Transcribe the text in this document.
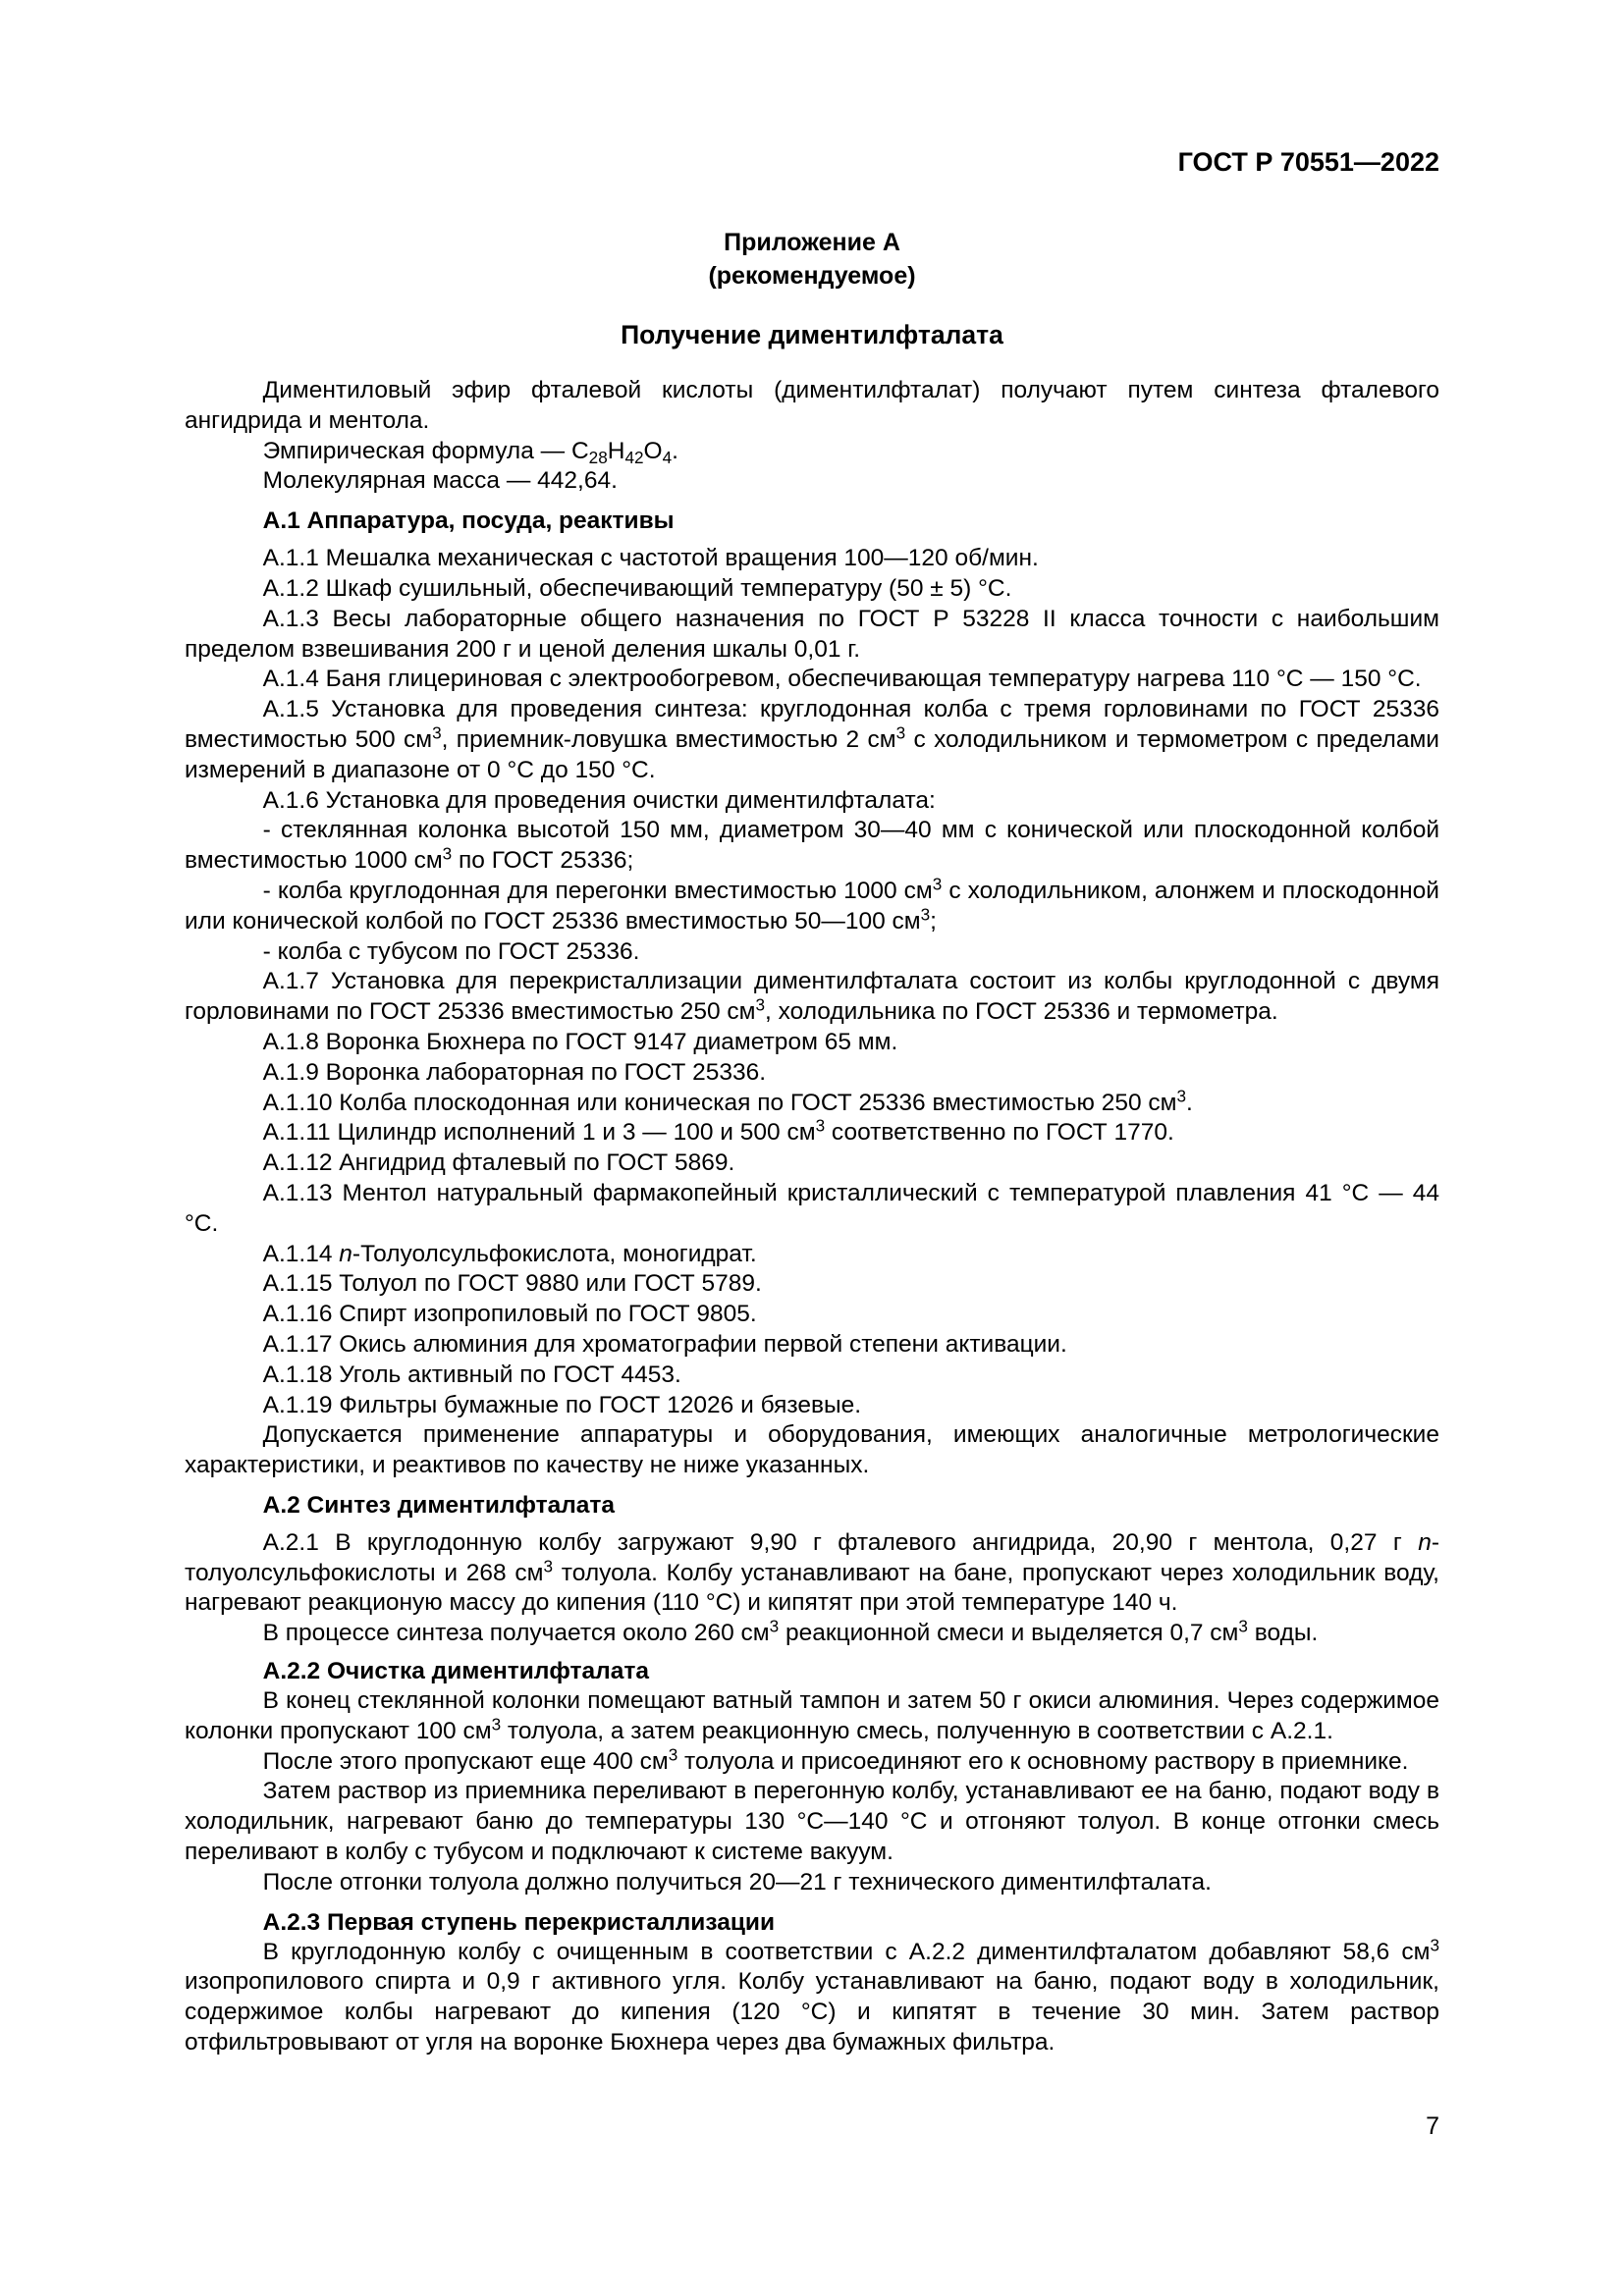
ГОСТ Р 70551—2022
Приложение А
(рекомендуемое)
Получение диментилфталата

Диментиловый эфир фталевой кислоты (диментилфталат) получают путем синтеза фталевого ангидрида и ментола.

Эмпирическая формула — $C_{28}H_{42}O_4$.

Молекулярная масса — 442,64.

А.1 Аппаратура, посуда, реактивы

А.1.1 Мешалка механическая с частотой вращения 100—120 об/мин.

А.1.2 Шкаф сушильный, обеспечивающий температуру (50 ± 5) °С.

А.1.3 Весы лабораторные общего назначения по ГОСТ Р 53228 II класса точности с наибольшим пределом взвешивания 200 г и ценой деления шкалы 0,01 г.

А.1.4 Баня глицериновая с электрообогревом, обеспечивающая температуру нагрева 110 °С — 150 °С.

А.1.5 Установка для проведения синтеза: круглодонная колба с тремя горловинами по ГОСТ 25336 вместимостью 500 $см^3$, приемник-ловушка вместимостью 2 $см^3$ с холодильником и термометром с пределами измерений в диапазоне от 0 °С до 150 °С.

А.1.6 Установка для проведения очистки диментилфталата:

- стеклянная колонка высотой 150 мм, диаметром 30—40 мм с конической или плоскодонной колбой вместимостью 1000 $см^3$ по ГОСТ 25336;

- колба круглодонная для перегонки вместимостью 1000 $см^3$ с холодильником, алонжем и плоскодонной или конической колбой по ГОСТ 25336 вместимостью 50—100 $см^3$;

- колба с тубусом по ГОСТ 25336.

А.1.7 Установка для перекристаллизации диментилфталата состоит из колбы круглодонной с двумя горловинами по ГОСТ 25336 вместимостью 250 $см^3$, холодильника по ГОСТ 25336 и термометра.

А.1.8 Воронка Бюхнера по ГОСТ 9147 диаметром 65 мм.

А.1.9 Воронка лабораторная по ГОСТ 25336.

А.1.10 Колба плоскодонная или коническая по ГОСТ 25336 вместимостью 250 $см^3$.

А.1.11 Цилиндр исполнений 1 и 3 — 100 и 500 $см^3$ соответственно по ГОСТ 1770.

А.1.12 Ангидрид фталевый по ГОСТ 5869.

А.1.13 Ментол натуральный фармакопейный кристаллический с температурой плавления 41 °С — 44 °С.

А.1.14 n-Толуолсульфокислота, моногидрат.

А.1.15 Толуол по ГОСТ 9880 или ГОСТ 5789.

А.1.16 Спирт изопропиловый по ГОСТ 9805.

А.1.17 Окись алюминия для хроматографии первой степени активации.

А.1.18 Уголь активный по ГОСТ 4453.

А.1.19 Фильтры бумажные по ГОСТ 12026 и бязевые.

Допускается применение аппаратуры и оборудования, имеющих аналогичные метрологические характеристики, и реактивов по качеству не ниже указанных.

А.2 Синтез диментилфталата

А.2.1 В круглодонную колбу загружают 9,90 г фталевого ангидрида, 20,90 г ментола, 0,27 г n-толуолсульфокислоты и 268 $см^3$ толуола. Колбу устанавливают на бане, пропускают через холодильник воду, нагревают реакционую массу до кипения (110 °С) и кипятят при этой температуре 140 ч.

В процессе синтеза получается около 260 $см^3$ реакционной смеси и выделяется 0,7 $см^3$ воды.

А.2.2 Очистка диментилфталата

В конец стеклянной колонки помещают ватный тампон и затем 50 г окиси алюминия. Через содержимое колонки пропускают 100 $см^3$ толуола, а затем реакционную смесь, полученную в соответствии с А.2.1.

После этого пропускают еще 400 $см^3$ толуола и присоединяют его к основному раствору в приемнике.

Затем раствор из приемника переливают в перегонную колбу, устанавливают ее на баню, подают воду в холодильник, нагревают баню до температуры 130 °С—140 °С и отгоняют толуол. В конце отгонки смесь переливают в колбу с тубусом и подключают к системе вакуум.

После отгонки толуола должно получиться 20—21 г технического диментилфталата.

А.2.3 Первая ступень перекристаллизации

В круглодонную колбу с очищенным в соответствии с А.2.2 диментилфталатом добавляют 58,6 $см^3$ изопропилового спирта и 0,9 г активного угля. Колбу устанавливают на баню, подают воду в холодильник, содержимое колбы нагревают до кипения (120 °С) и кипятят в течение 30 мин. Затем раствор отфильтровывают от угля на воронке Бюхнера через два бумажных фильтра.

7
